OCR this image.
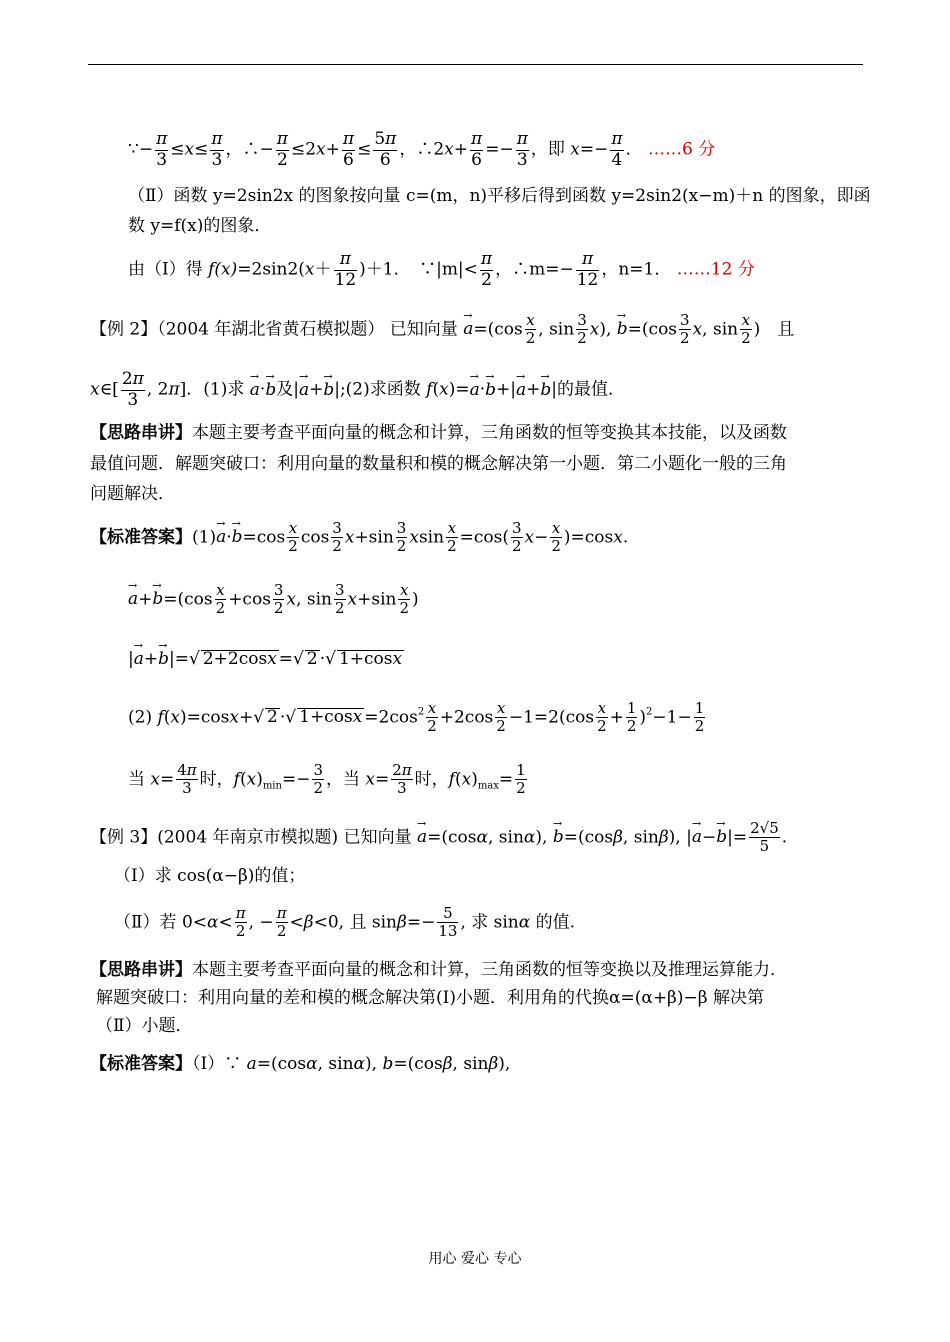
∵− $\frac{\pi}{3} \le x\le \frac{\pi}{3}$ ，∴− $\frac{\pi}{2} \le 2x+ \frac{\pi}{6} \le \frac{5\pi}{6}$ ，∴2x+ $\frac{\pi}{6} =- \frac{\pi}{3}$ ，即 $x=- \frac{\pi}{4}$ ． ……6 分
（Ⅱ）函数 y=2sin2x 的图象按向量 c=(m，n)平移后得到函数 y=2sin2(x−m)＋n 的图象，即函
数 y=f(x)的图象．
由（Ⅰ）得 $f(x)=2\sin 2(x+ \frac{\pi}{12} )+1$．　∵|m|< $\frac{\pi}{2}$ ，∴m=− $\frac{\pi}{12}$ ，n=1． ……12 分
【例 2】（2004 年湖北省黄石模拟题） 已知向量 → $a=(\cos \frac{x}{2}$ , $\sin \frac{3}{2} x$), → $b=(\cos \frac{3}{2} x$, $\sin \frac{x}{2}$ )　且
x∈[ $\frac{2\pi}{3}$ , 2π]．(1)求 → a·→ b及|→ a+→ b|;(2)求函数 f(x)=→ a·→ b+|→ a+→ b|的最值．
【思路串讲】本题主要考查平面向量的概念和计算，三角函数的恒等变换其本技能，以及函数
最值问题．解题突破口：利用向量的数量积和模的概念解决第一小题．第二小题化一般的三角
问题解决．
【标准答案】$(1)\to a\cdot\to b=\cos \frac{x}{2}$ $\cos \frac{3}{2} x+\sin \frac{3}{2}$ xsin $\frac{x}{2} =\cos( \frac{3}{2} x- \frac{x}{2} )=\cos x$.
→ $a+\to b=(\cos \frac{x}{2} +\cos \frac{3}{2} x$, $\sin \frac{3}{2} x+\sin \frac{x}{2}$ )
|→ a+→ b|=√ 2+2cosx =√ 2 ·√ 1+cosx
(2) f(x)=cosx+√ 2 ·√ $1+\cos x =2\cos^2 \frac{x}{2} +2\cos \frac{x}{2} -1=2(\cos \frac{x}{2} + \frac{1}{2} )^2-1- \frac{1}{2}$
当 $x= \frac{4\pi}{3}$ 时，$f(x)_{min}=- \frac{3}{2}$ ，当 $x= \frac{2\pi}{3}$ 时，$f(x)_{max}= \frac{1}{2}$
【例 3】(2004 年南京市模拟题) 已知向量 → a=(cosα, sinα), → b=(cosβ, sinβ), |→ $a-\to b|= \frac{2√5}{5}$ .
（Ⅰ）求 cos(α−β)的值；
（Ⅱ）若 $0<\alpha< \frac{\pi}{2}$ , − $\frac{\pi}{2} <\beta<0$, 且 $\sin\beta=- \frac{5}{13}$ , 求 sinα 的值.
【思路串讲】本题主要考查平面向量的概念和计算，三角函数的恒等变换以及推理运算能力．
解题突破口：利用向量的差和模的概念解决第(Ⅰ)小题．利用角的代换α=(α+β)−β 解决第
（Ⅱ）小题．
【标准答案】（Ⅰ）∵ a=(cosα, sinα), b=(cosβ, sinβ),
用心 爱心 专心
